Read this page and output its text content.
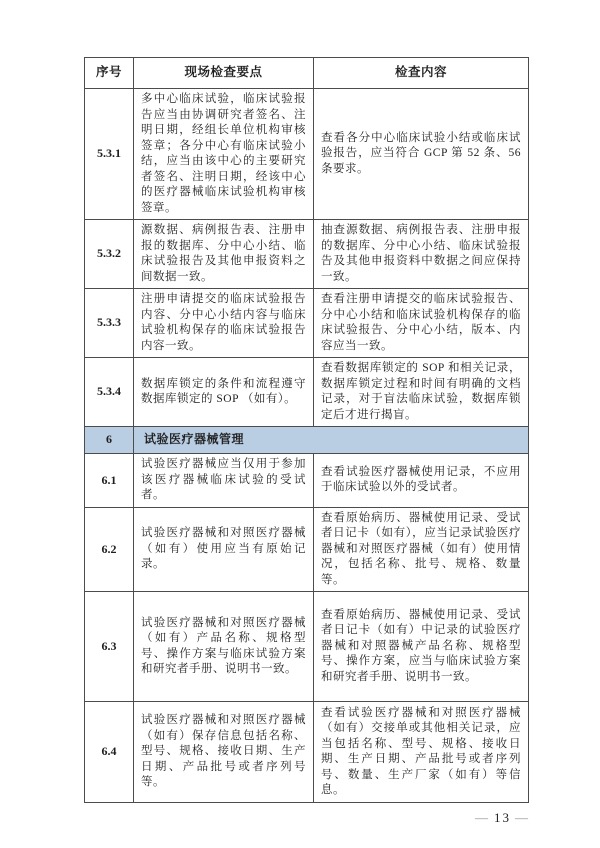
序号	现场检查要点	检查内容
5.3.1	多中心临床试验，临床试验报告应当由协调研究者签名、注明日期，经组长单位机构审核签章；各分中心有临床试验小结，应当由该中心的主要研究者签名、注明日期，经该中心的医疗器械临床试验机构审核签章。	查看各分中心临床试验小结或临床试验报告，应当符合 GCP 第 52 条、56 条要求。
5.3.2	源数据、病例报告表、注册申报的数据库、分中心小结、临床试验报告及其他申报资料之间数据一致。	抽查源数据、病例报告表、注册申报的数据库、分中心小结、临床试验报告及其他申报资料中数据之间应保持一致。
5.3.3	注册申请提交的临床试验报告内容、分中心小结内容与临床试验机构保存的临床试验报告内容一致。	查看注册申请提交的临床试验报告、分中心小结和临床试验机构保存的临床试验报告、分中心小结，版本、内容应当一致。
5.3.4	数据库锁定的条件和流程遵守数据库锁定的 SOP （如有）。	查看数据库锁定的 SOP 和相关记录，数据库锁定过程和时间有明确的文档记录，对于盲法临床试验，数据库锁定后才进行揭盲。
6	试验医疗器械管理	
6.1	试验医疗器械应当仅用于参加该医疗器械临床试验的受试者。	查看试验医疗器械使用记录，不应用于临床试验以外的受试者。
6.2	试验医疗器械和对照医疗器械（如有）使用应当有原始记录。	查看原始病历、器械使用记录、受试者日记卡（如有），应当记录试验医疗器械和对照医疗器械（如有）使用情况，包括名称、批号、规格、数量等。
6.3	试验医疗器械和对照医疗器械（如有）产品名称、规格型号、操作方案与临床试验方案和研究者手册、说明书一致。	查看原始病历、器械使用记录、受试者日记卡（如有）中记录的试验医疗器械和对照器械产品名称、规格型号、操作方案，应当与临床试验方案和研究者手册、说明书一致。
6.4	试验医疗器械和对照医疗器械（如有）保存信息包括名称、型号、规格、接收日期、生产日期、产品批号或者序列号等。	查看试验医疗器械和对照医疗器械（如有）交接单或其他相关记录，应当包括名称、型号、规格、接收日期、生产日期、产品批号或者序列号、数量、生产厂家（如有）等信息。
— 13 —
